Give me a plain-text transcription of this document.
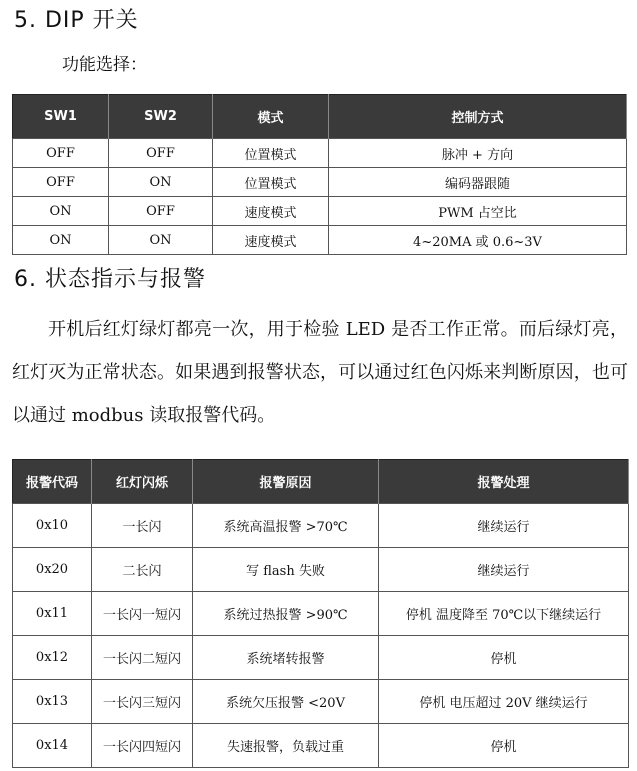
5. DIP 开关
功能选择：
SW1	SW2	模式	控制方式
OFF	OFF	位置模式	脉冲 + 方向
OFF	ON	位置模式	编码器跟随
ON	OFF	速度模式	PWM 占空比
ON	ON	速度模式	4~20MA 或 0.6~3V
6. 状态指示与报警

开机后红灯绿灯都亮一次，用于检验 LED 是否工作正常。而后绿灯亮，红灯灭为正常状态。如果遇到报警状态，可以通过红色闪烁来判断原因，也可以通过 modbus 读取报警代码。

报警代码	红灯闪烁	报警原因	报警处理
0x10	一长闪	系统高温报警 >70℃	继续运行
0x20	二长闪	写 flash 失败	继续运行
0x11	一长闪一短闪	系统过热报警 >90℃	停机 温度降至 70℃以下继续运行
0x12	一长闪二短闪	系统堵转报警	停机
0x13	一长闪三短闪	系统欠压报警 <20V	停机 电压超过 20V 继续运行
0x14	一长闪四短闪	失速报警，负载过重	停机
